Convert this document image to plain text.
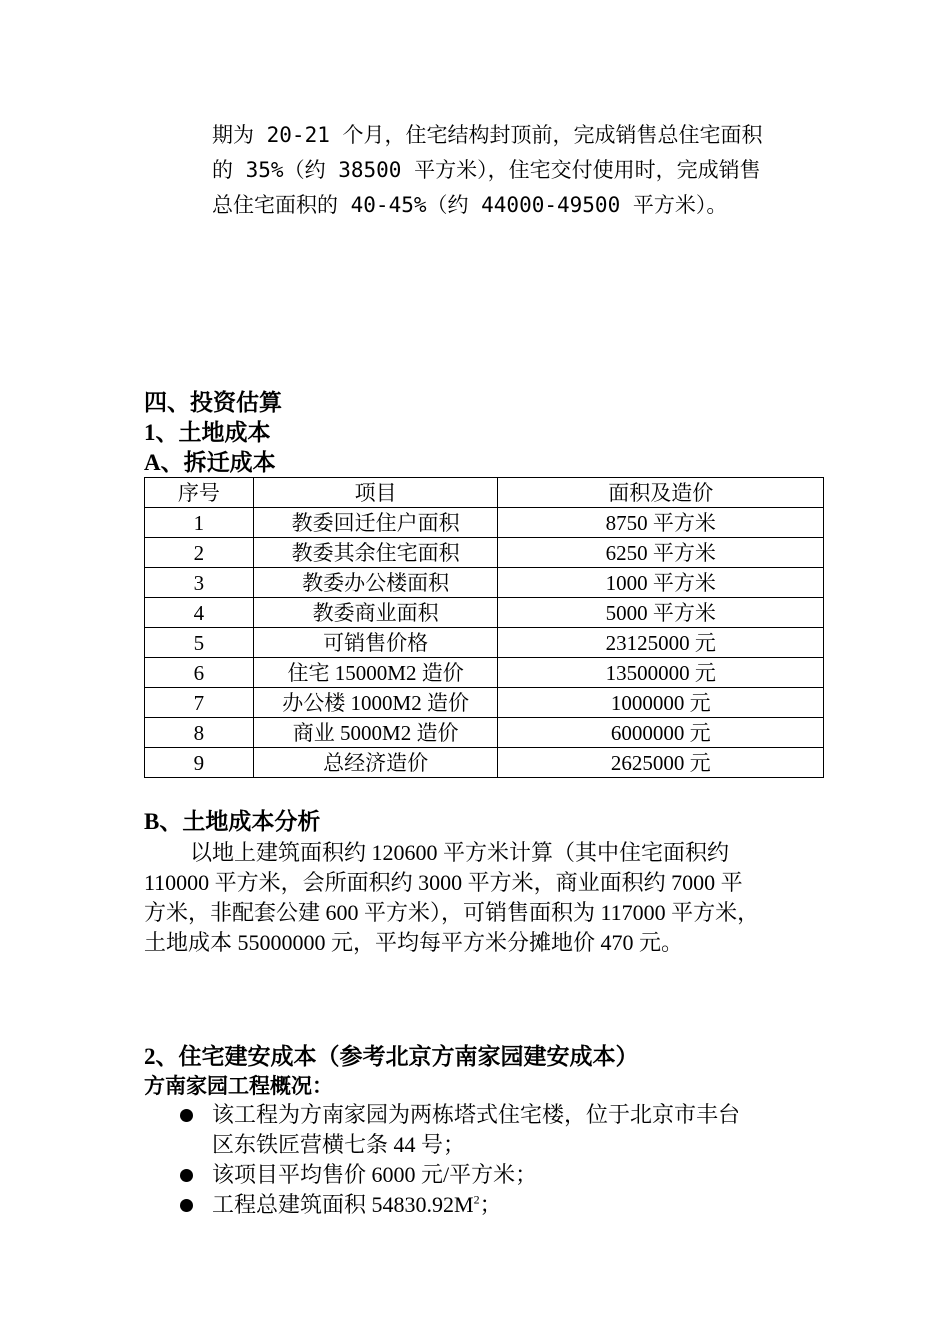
期为 20-21 个月，住宅结构封顶前，完成销售总住宅面积
的 35%（约 38500 平方米），住宅交付使用时，完成销售
总住宅面积的 40-45%（约 44000-49500 平方米）。
四、投资估算
1、土地成本
A、拆迁成本
序号	项目	面积及造价
1	教委回迁住户面积	8750 平方米
2	教委其余住宅面积	6250 平方米
3	教委办公楼面积	1000 平方米
4	教委商业面积	5000 平方米
5	可销售价格	23125000 元
6	住宅 15000M2 造价	13500000 元
7	办公楼 1000M2 造价	1000000 元
8	商业 5000M2 造价	6000000 元
9	总经济造价	2625000 元
B、土地成本分析
以地上建筑面积约 120600 平方米计算（其中住宅面积约
110000 平方米，会所面积约 3000 平方米，商业面积约 7000 平
方米，非配套公建 600 平方米），可销售面积为 117000 平方米，
土地成本 55000000 元，平均每平方米分摊地价 470 元。
2、住宅建安成本（参考北京方南家园建安成本）
方南家园工程概况：
该工程为方南家园为两栋塔式住宅楼，位于北京市丰台
区东铁匠营横七条 44 号；
该项目平均售价 6000 元/平方米；
工程总建筑面积 $54830.92M^2$；
